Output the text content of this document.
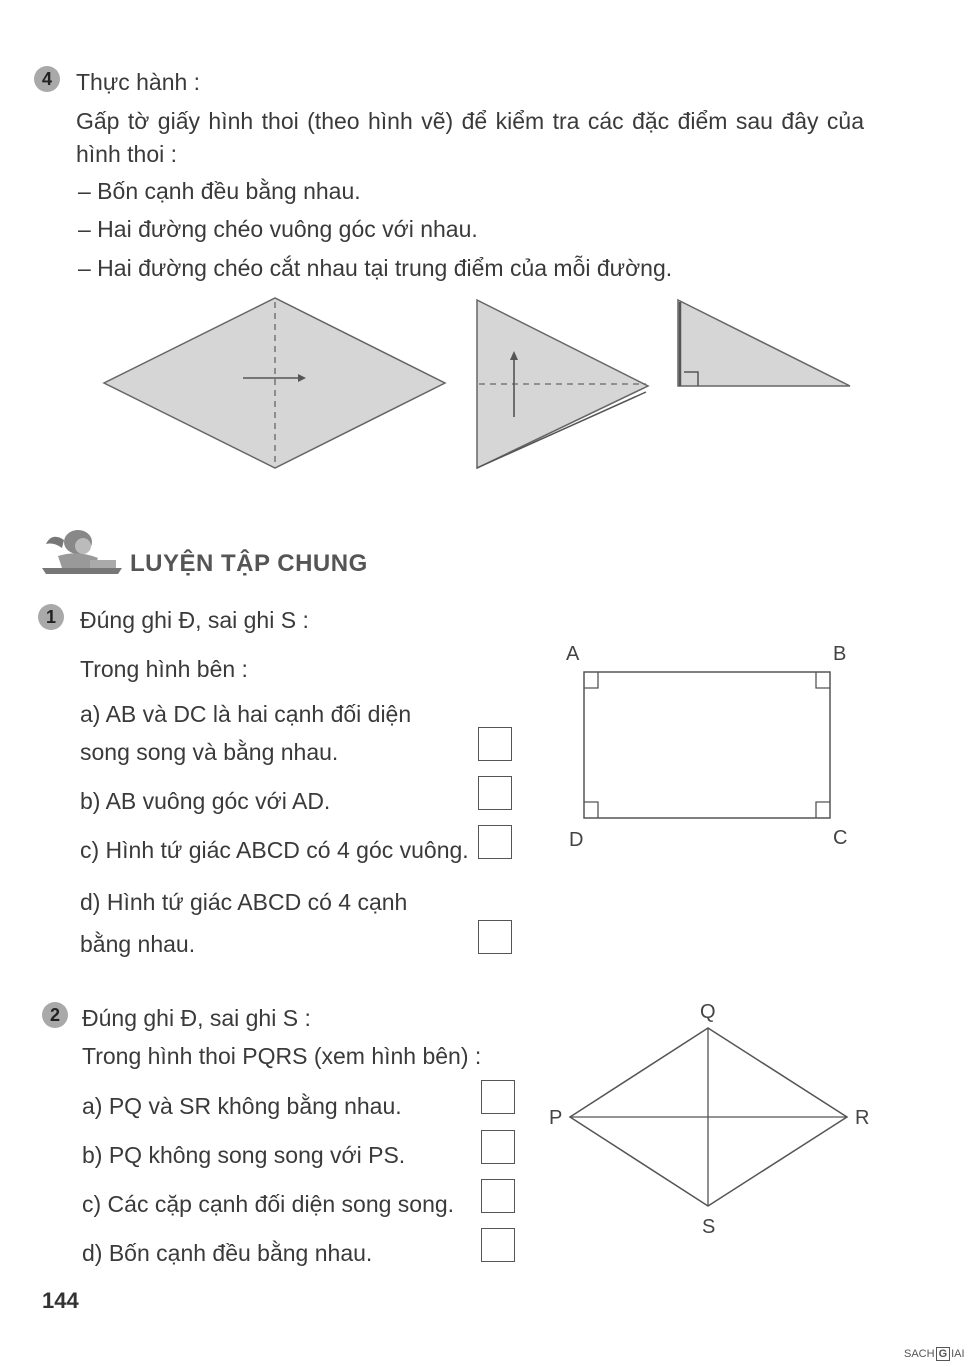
4	Thực hành :
Gấp tờ giấy hình thoi (theo hình vẽ) để kiểm tra các đặc điểm sau đây của
hình thoi :
– Bốn cạnh đều bằng nhau.
– Hai đường chéo vuông góc với nhau.
– Hai đường chéo cắt nhau tại trung điểm của mỗi đường.
LUYỆN TẬP CHUNG
1	Đúng ghi Đ, sai ghi S :
Trong hình bên :
a) AB và DC là hai cạnh đối diện
song song và bằng nhau.
b) AB vuông góc với AD.
c) Hình tứ giác ABCD có 4 góc vuông.
d) Hình tứ giác ABCD có 4 cạnh
bằng nhau.
A	B
D	C
2 Đúng ghi Đ, sai ghi S :
Trong hình thoi PQRS (xem hình bên) :
a) PQ và SR không bằng nhau.
b) PQ không song song với PS.
c) Các cặp cạnh đối diện song song.
d) Bốn cạnh đều bằng nhau.
Q
P	R
S
144
SACH G IAI
